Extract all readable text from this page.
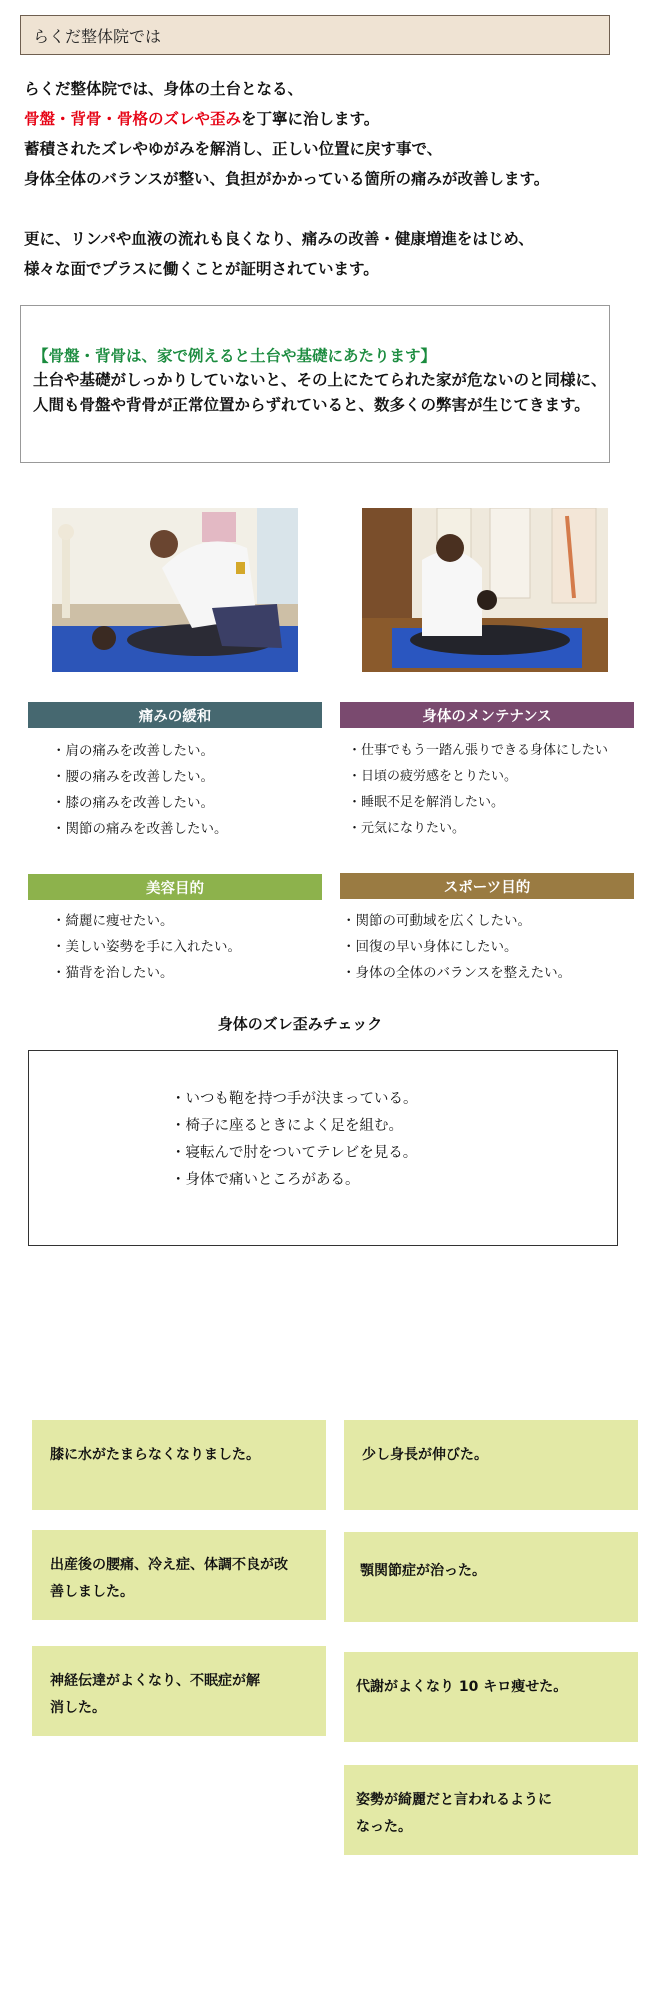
らくだ整体院では

らくだ整体院では、身体の土台となる、

骨盤・背骨・骨格のズレや歪みを丁寧に治します。

蓄積されたズレやゆがみを解消し、正しい位置に戻す事で、

身体全体のバランスが整い、負担がかかっている箇所の痛みが改善します。

更に、リンパや血液の流れも良くなり、痛みの改善・健康増進をはじめ、

様々な面でプラスに働くことが証明されています。

【骨盤・背骨は、家で例えると土台や基礎にあたります】
土台や基礎がしっかりしていないと、その上にたてられた家が危ないのと同様に、
人間も骨盤や背骨が正常位置からずれていると、数多くの弊害が生じてきます。
痛みの緩和
・肩の痛みを改善したい。
・腰の痛みを改善したい。
・膝の痛みを改善したい。
・関節の痛みを改善したい。
身体のメンテナンス
・仕事でもう一踏ん張りできる身体にしたい
・日頃の疲労感をとりたい。
・睡眠不足を解消したい。
・元気になりたい。
美容目的
・綺麗に痩せたい。
・美しい姿勢を手に入れたい。
・猫背を治したい。
スポーツ目的
・関節の可動域を広くしたい。
・回復の早い身体にしたい。
・身体の全体のバランスを整えたい。
身体のズレ歪みチェック
・いつも鞄を持つ手が決まっている。
・椅子に座るときによく足を組む。
・寝転んで肘をついてテレビを見る。
・身体で痛いところがある。
膝に水がたまらなくなりました。
出産後の腰痛、冷え症、体調不良が改
善しました。
神経伝達がよくなり、不眠症が解
消した。
少し身長が伸びた。
顎関節症が治った。
代謝がよくなり 10 キロ痩せた。
姿勢が綺麗だと言われるように
なった。
